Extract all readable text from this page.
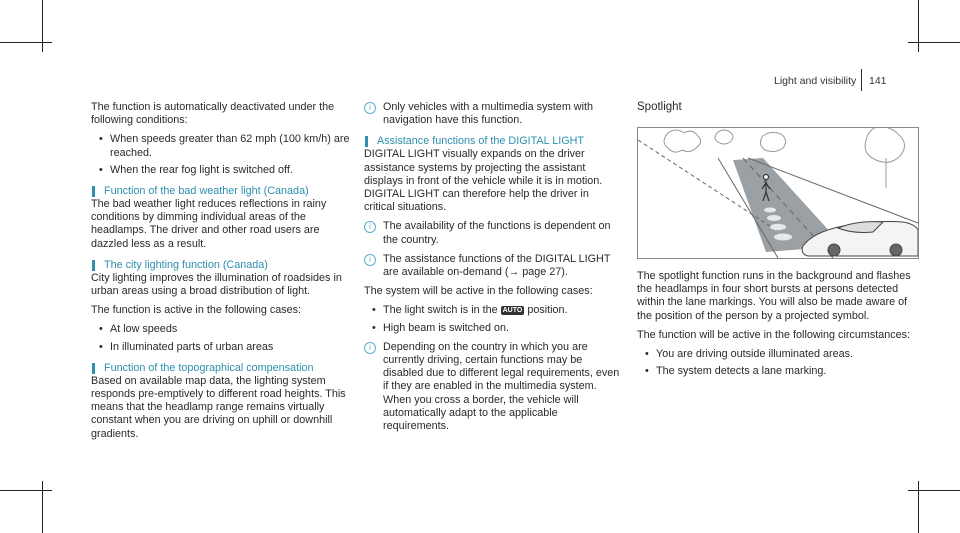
Light and visibility 141

The function is automatically deactivated under the following conditions:

• When speeds greater than 62 mph (100 km/h) are reached.
• When the rear fog light is switched off.
Function of the bad weather light (Canada)

The bad weather light reduces reflections in rainy conditions by dimming individual areas of the headlamps. The driver and other road users are dazzled less as a result.

The city lighting function (Canada)

City lighting improves the illumination of roadsides in urban areas using a broad distribution of light.

The function is active in the following cases:

• At low speeds
• In illuminated parts of urban areas
Function of the topographical compensation

Based on available map data, the lighting system responds pre-emptively to different road heights. This means that the headlamp range remains virtually constant when you are driving on uphill or downhill gradients.

i	Only vehicles with a multimedia system with navigation have this function.
Assistance functions of the DIGITAL LIGHT

DIGITAL LIGHT visually expands on the driver assistance systems by projecting the assistant displays in front of the vehicle while it is in motion. DIGITAL LIGHT can therefore help the driver in critical situations.

i	The availability of the functions is dependent on the country.
i	The assistance functions of the DIGITAL LIGHT are available on-demand (→ page 27).

The system will be active in the following cases:

• The light switch is in the AUTO position.
• High beam is switched on.
i	Depending on the country in which you are currently driving, certain functions may be disabled due to different legal requirements, even if they are enabled in the multimedia system. When you cross a border, the vehicle will automatically adapt to the applicable requirements.
Spotlight

The spotlight function runs in the background and flashes the headlamps in four short bursts at persons detected within the lane markings. You will also be made aware of the position of the person by a projected symbol.

The function will be active in the following circumstances:

• You are driving outside illuminated areas.
• The system detects a lane marking.
